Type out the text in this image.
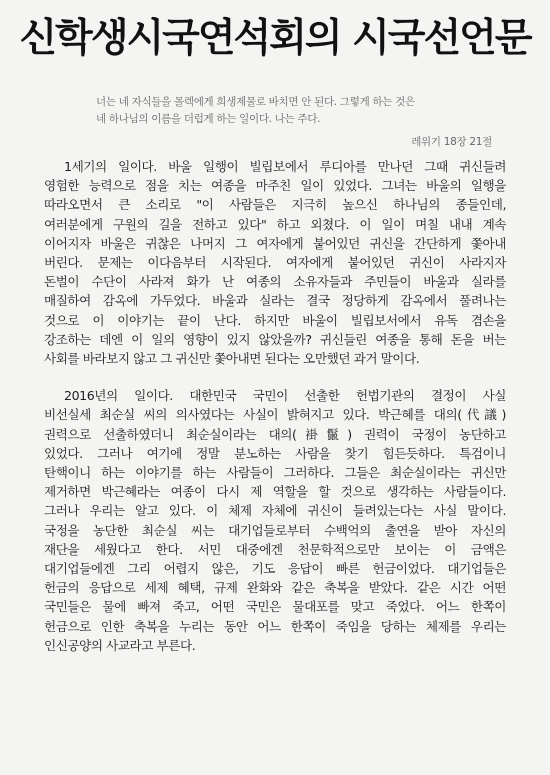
신학생시국연석회의 시국선언문
너는 네 자식들을 몰렉에게 희생제물로 바치면 안 된다. 그렇게 하는 것은
네 하나님의 이름을 더럽게 하는 일이다. 나는 주다.
레위기 18장 21절
1세기의 일이다. 바울 일행이 빌립보에서 루디아를 만나던 그때 귀신들려
영험한 능력으로 점을 치는 여종을 마주친 일이 있었다. 그녀는 바울의 일행을
따라오면서 큰 소리로 "이 사람들은 지극히 높으신 하나님의 종들인데,
여러분에게 구원의 길을 전하고 있다" 하고 외쳤다. 이 일이 며칠 내내 계속
이어지자 바울은 귀찮은 나머지 그 여자에게 붙어있던 귀신을 간단하게 쫓아내
버린다. 문제는 이다음부터 시작된다. 여자에게 붙어있던 귀신이 사라지자
돈벌이 수단이 사라져 화가 난 여종의 소유자들과 주민들이 바울과 실라를
매질하여 감옥에 가두었다. 바울과 실라는 결국 정당하게 감옥에서 풀려나는
것으로 이 이야기는 끝이 난다. 하지만 바울이 빌립보서에서 유독 겸손을
강조하는 데엔 이 일의 영향이 있지 않았을까? 귀신들린 여종을 통해 돈을 버는
사회를 바라보지 않고 그 귀신만 쫓아내면 된다는 오만했던 과거 말이다.
2016년의 일이다. 대한민국 국민이 선출한 헌법기관의 결정이 사실
비선실세 최순실 씨의 의사였다는 사실이 밝혀지고 있다. 박근혜를 대의(代議)
권력으로 선출하였더니 최순실이라는 대의(褂鬣) 권력이 국정이 농단하고
있었다. 그러나 여기에 정말 분노하는 사람을 찾기 힘든듯하다. 특검이니
탄핵이니 하는 이야기를 하는 사람들이 그러하다. 그들은 최순실이라는 귀신만
제거하면 박근혜라는 여종이 다시 제 역할을 할 것으로 생각하는 사람들이다.
그러나 우리는 알고 있다. 이 체제 자체에 귀신이 들려있는다는 사실 말이다.
국정을 농단한 최순실 씨는 대기업들로부터 수백억의 출연을 받아 자신의
재단을 세웠다고 한다. 서민 대중에겐 천문학적으로만 보이는 이 금액은
대기업들에겐 그리 어렵지 않은, 기도 응답이 빠른 헌금이었다. 대기업들은
헌금의 응답으로 세제 혜택, 규제 완화와 같은 축복을 받았다. 같은 시간 어떤
국민들은 물에 빠져 죽고, 어떤 국민은 물대포를 맞고 죽었다. 어느 한쪽이
헌금으로 인한 축복을 누리는 동안 어느 한쪽이 죽임을 당하는 체제를 우리는
인신공양의 사교라고 부른다.
